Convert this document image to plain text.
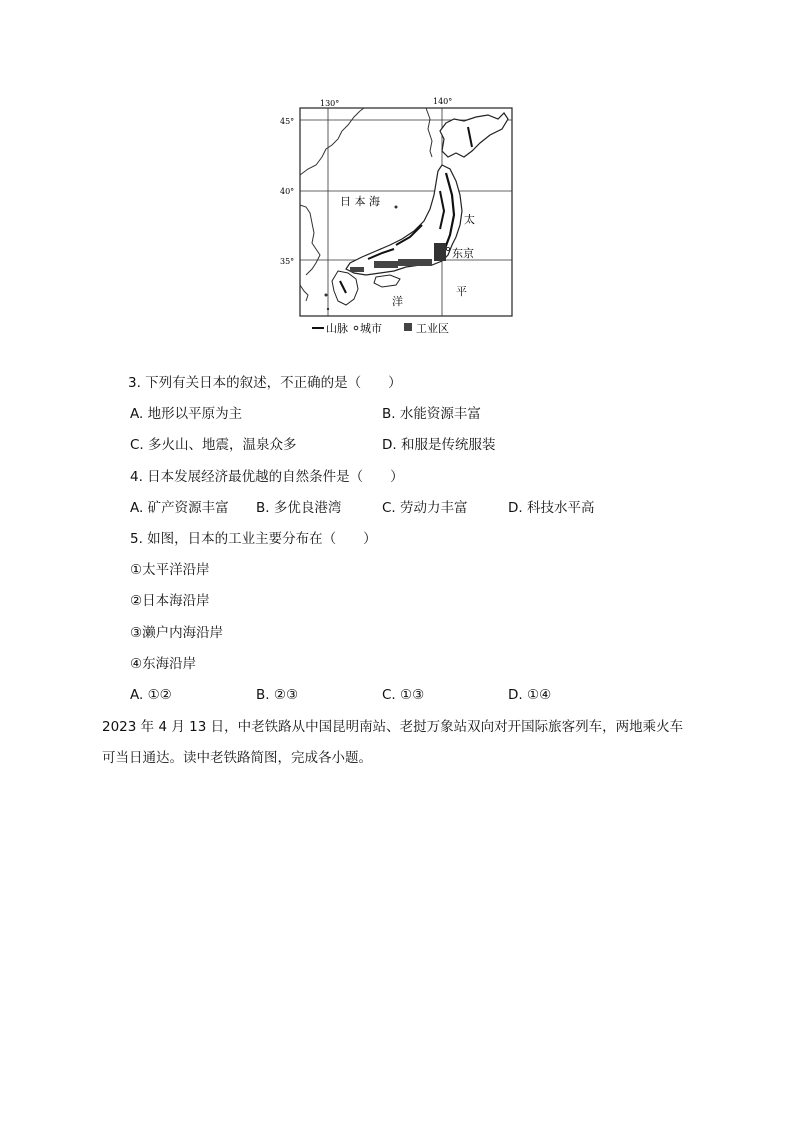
130°	140°
45°
40°
35°
日 本 海
太
东京
平
洋
山脉 城市	工业区
3. 下列有关日本的叙述，不正确的是（　　）
A. 地形以平原为主	B. 水能资源丰富
C. 多火山、地震，温泉众多	D. 和服是传统服装
4. 日本发展经济最优越的自然条件是（　　）
A. 矿产资源丰富 B. 多优良港湾	C. 劳动力丰富	D. 科技水平高
5. 如图，日本的工业主要分布在（　　）
①太平洋沿岸
②日本海沿岸
③濑户内海沿岸
④东海沿岸
A. ①②	B. ②③	C. ①③	D. ①④
2023 年 4 月 13 日，中老铁路从中国昆明南站、老挝万象站双向对开国际旅客列车，两地乘火车
可当日通达。读中老铁路简图，完成各小题。
